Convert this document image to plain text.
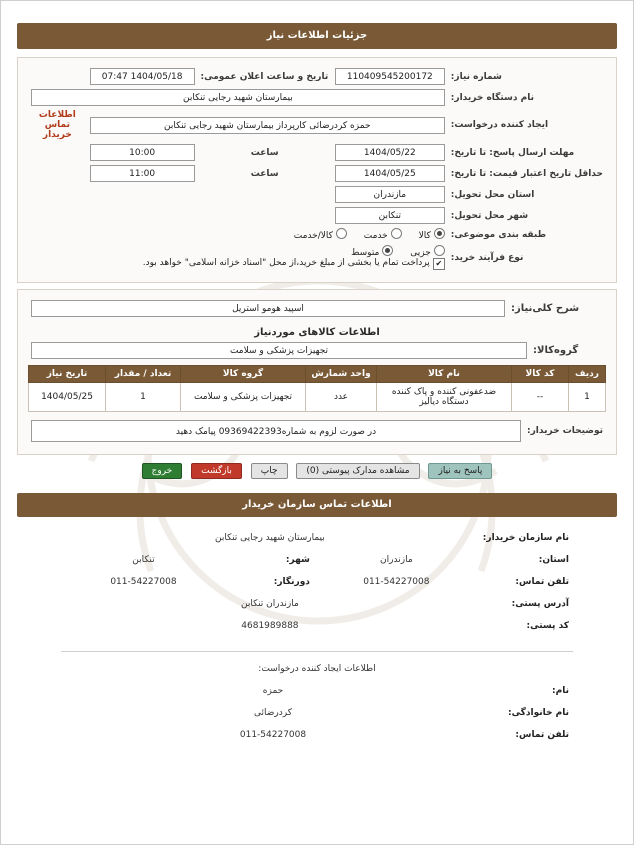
جزئیات اطلاعات نیاز
شماره نیاز:	110409545200172	تاریخ و ساعت اعلان عمومی:	1404/05/18 07:47	

نام دستگاه خریدار:	بیمارستان شهید رجایی تنکابن			

ایجاد کننده درخواست:	حمزه کردرضائی کارپرداز بیمارستان شهید رجایی تنکابن			اطلاعات تماس خریدار
مهلت ارسال پاسخ: تا تاریخ:	1404/05/22	ساعت	10:00	

حداقل تاریخ اعتبار قیمت: تا تاریخ:	1404/05/25	ساعت	11:00	

استان محل تحویل:	مازندران			

شهر محل تحویل:	تنکابن			

طبقه بندی موضوعی:	کالا خدمت کالا/خدمت			
نوع فرآیند خرید:	جزیی متوسط ✔پرداخت تمام یا بخشی از مبلغ خرید،از محل "اسناد خزانه اسلامی" خواهد بود.			
شرح کلی‌نیاز:	
اسپید هومو استریل
اطلاعات کالاهای موردنیاز
گروه‌کالا:	
تجهیزات پزشکی و سلامت
ردیف	کد کالا	نام کالا	واحد شمارش	گروه کالا	تعداد / مقدار	تاریخ نیاز
1	--	ضدعفونی کننده و پاک کننده دستگاه دیالیز	عدد	تجهیزات پزشکی و سلامت	1	1404/05/25
توضیحات خریدار:	
در صورت لزوم به شماره09369422393 پیامک دهید
پاسخ به نیاز مشاهده مدارک پیوستی (0) چاپ بازگشت خروج
اطلاعات تماس سازمان خریدار
نام سازمان خریدار:	بیمارستان شهید رجایی تنکابن		
استان:	مازندران	شهر:	تنکابن
تلفن تماس:	011-54227008	دورنگار:	011-54227008
آدرس پستی:	مازندران تنکابن		
کد پستی:	4681989888		
اطلاعات ایجاد کننده درخواست:
نام:	حمزه
نام خانوادگی:	کردرضائی
تلفن تماس:	011-54227008
